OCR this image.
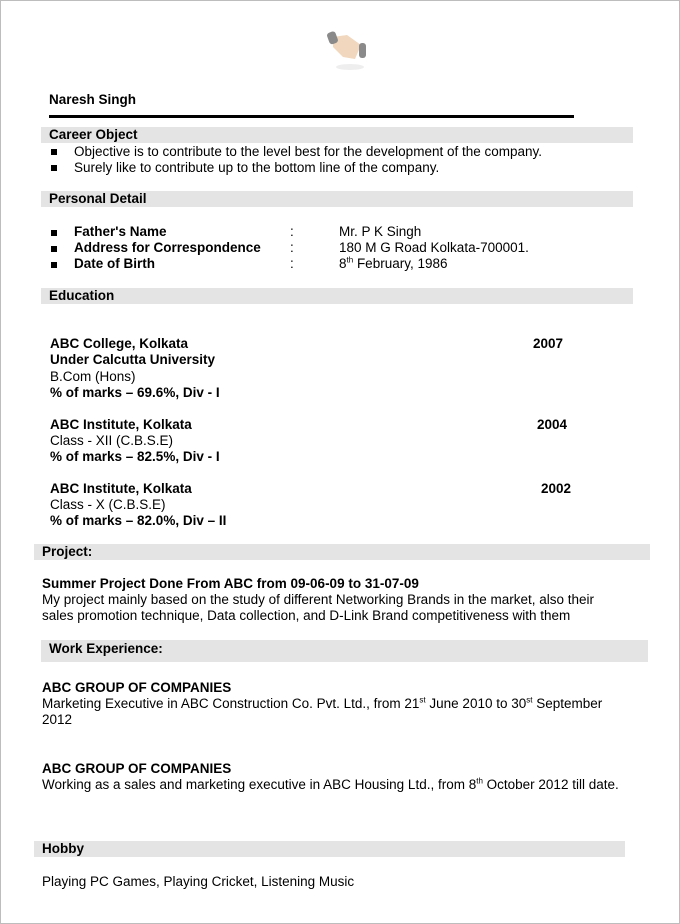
Naresh Singh
Career Object
Objective is to contribute to the level best for the development of the company.
Surely like to contribute up to the bottom line of the company.
Personal Detail
Father's Name	:	Mr. P K Singh
Address for Correspondence :	180 M G Road Kolkata-700001.
Date of Birth	:	8th February, 1986
Education
ABC College, Kolkata	2007
Under Calcutta University
B.Com (Hons)
% of marks – 69.6%, Div - I
ABC Institute, Kolkata	2004
Class - XII (C.B.S.E)
% of marks – 82.5%, Div - I
ABC Institute, Kolkata	2002
Class - X (C.B.S.E)
% of marks – 82.0%, Div – II
Project:
Summer Project Done From ABC from 09-06-09 to 31-07-09
My project mainly based on the study of different Networking Brands in the market, also their
sales promotion technique, Data collection, and D-Link Brand competitiveness with them
Work Experience:
ABC GROUP OF COMPANIES
Marketing Executive in ABC Construction Co. Pvt. Ltd., from 21st June 2010 to 30st September
2012
ABC GROUP OF COMPANIES
Working as a sales and marketing executive in ABC Housing Ltd., from 8th October 2012 till date.
Hobby
Playing PC Games, Playing Cricket, Listening Music
